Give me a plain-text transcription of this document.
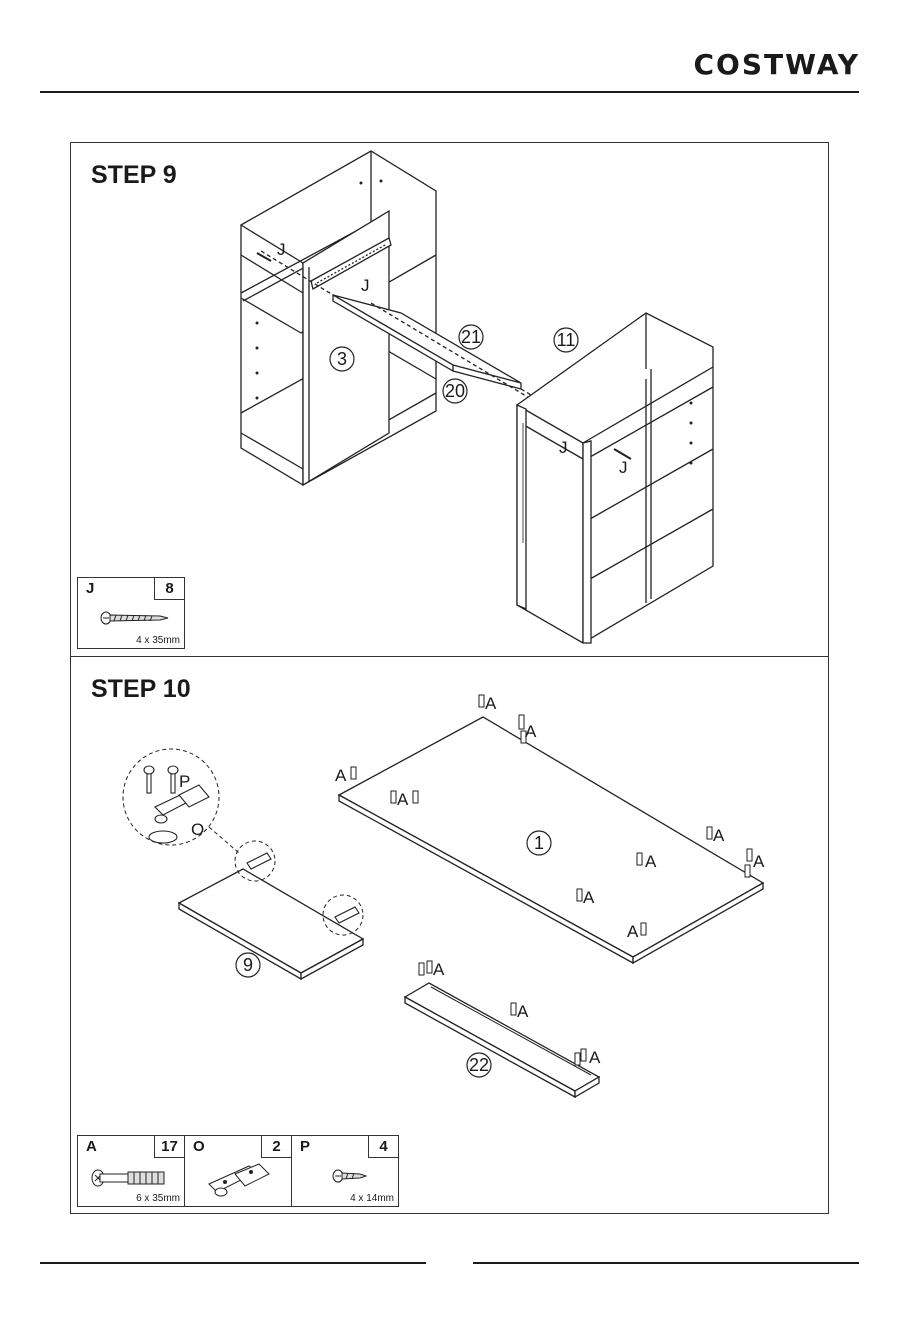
COSTWAY
STEP 9
3
21
20
11
J
J
J
J
J	8
4 x 35mm
STEP 10
1
9
22
P
O
A
A
A
A
A
A	A
A
A
A
A
A
A	17
6 x 35mm
O	2	P	4
4 x 14mm
